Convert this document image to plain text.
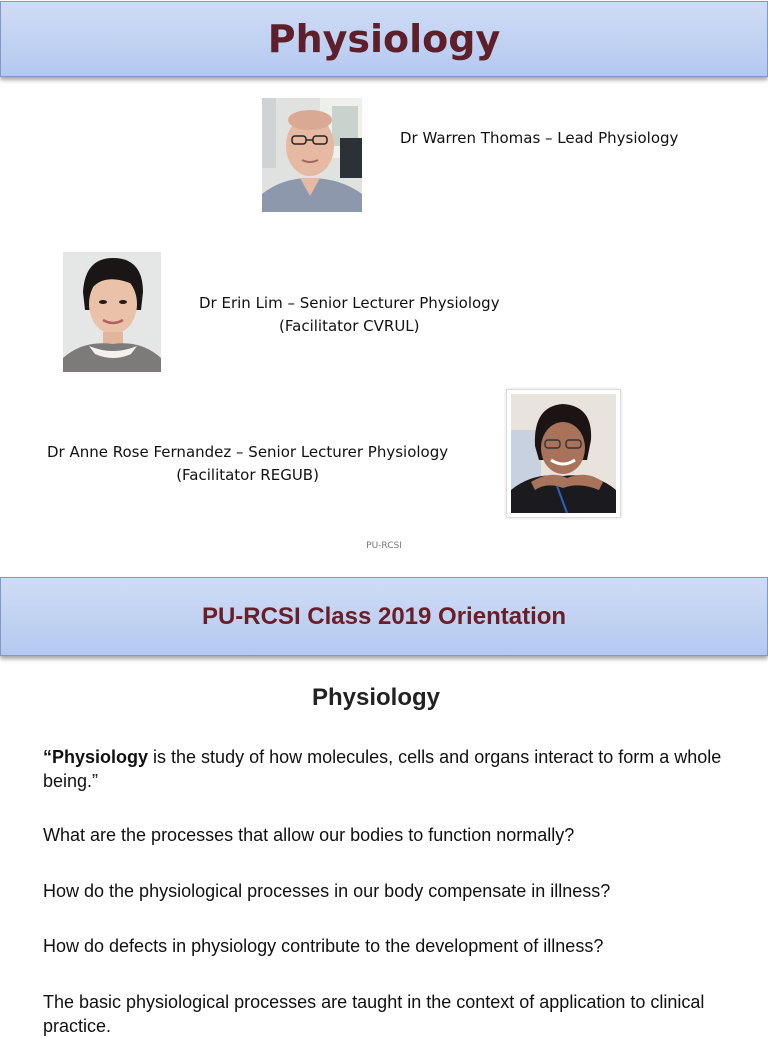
Physiology
Dr Warren Thomas – Lead Physiology
Dr Erin Lim – Senior Lecturer Physiology
(Facilitator CVRUL)
Dr Anne Rose Fernandez – Senior Lecturer Physiology
(Facilitator REGUB)
PU-RCSI
PU-RCSI Class 2019 Orientation
Physiology
“Physiology is the study of how molecules, cells and organs interact to form a whole being.”
What are the processes that allow our bodies to function normally?
How do the physiological processes in our body compensate in illness?
How do defects in physiology contribute to the development of illness?
The basic physiological processes are taught in the context of application to clinical practice.
